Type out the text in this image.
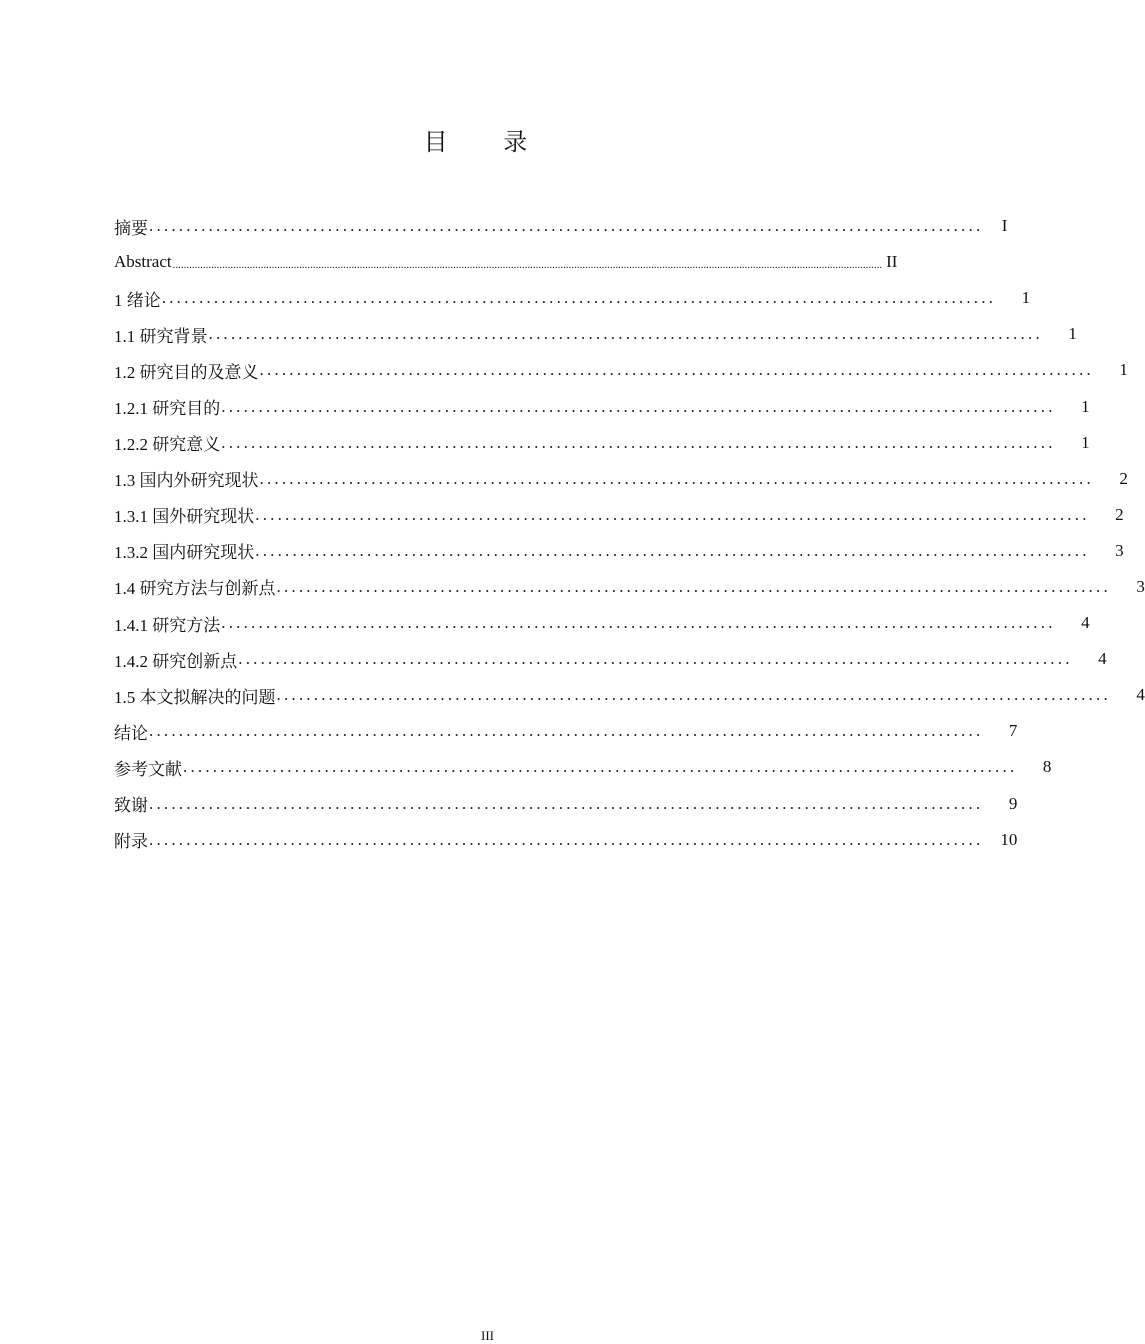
目 录
摘要 ................................................................................................................	I
Abstract .................................................................................................................................................................................................................................................................. II
1 绪论 ................................................................................................................	1
1.1 研究背景 ................................................................................................................	1
1.2 研究目的及意义 ................................................................................................................	1
1.2.1 研究目的 ................................................................................................................	1
1.2.2 研究意义 ................................................................................................................	1
1.3 国内外研究现状 ................................................................................................................	2
1.3.1 国外研究现状 ................................................................................................................	2
1.3.2 国内研究现状 ................................................................................................................	3
1.4 研究方法与创新点 ................................................................................................................	3
1.4.1 研究方法 ................................................................................................................	4
1.4.2 研究创新点 ................................................................................................................	4
1.5 本文拟解决的问题 ................................................................................................................	4
结论 ................................................................................................................	7
参考文献 ................................................................................................................	8
致谢 ................................................................................................................	9
附录 ................................................................................................................ 10
III
